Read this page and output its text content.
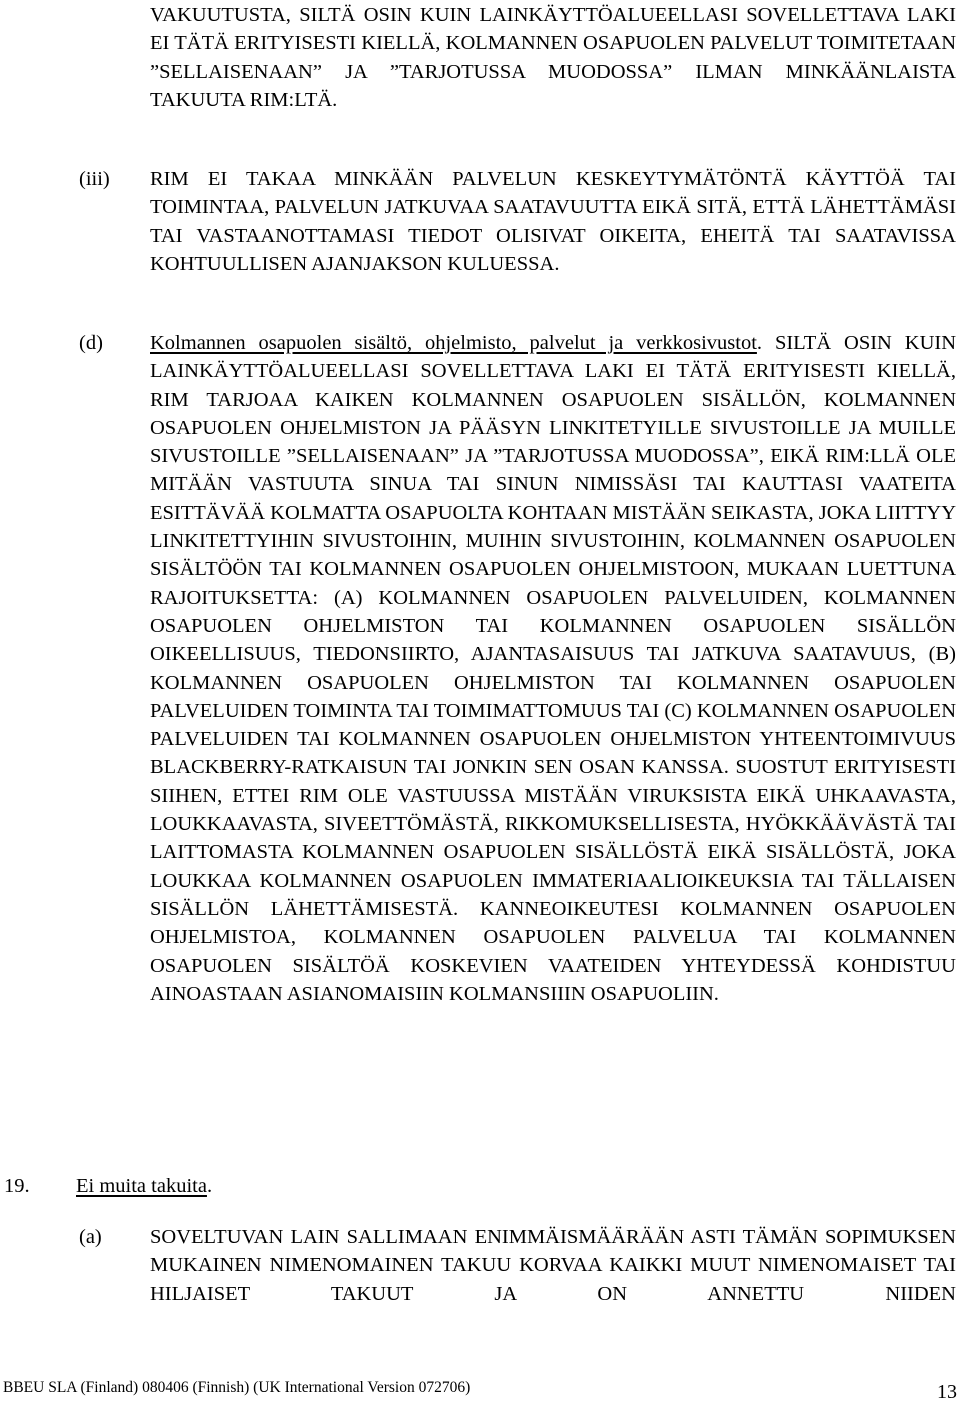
VAKUUTUSTA, SILTÄ OSIN KUIN LAINKÄYTTÖALUEELLASI SOVELLETTAVA LAKI EI TÄTÄ ERITYISESTI KIELLÄ, KOLMANNEN OSAPUOLEN PALVELUT TOIMITETAAN ”SELLAISENAAN” JA ”TARJOTUSSA MUODOSSA” ILMAN MINKÄÄNLAISTA TAKUUTA RIM:LTÄ.

(iii) RIM EI TAKAA MINKÄÄN PALVELUN KESKEYTYMÄTÖNTÄ KÄYTTÖÄ TAI TOIMINTAA, PALVELUN JATKUVAA SAATAVUUTTA EIKÄ SITÄ, ETTÄ LÄHETTÄMÄSI TAI VASTAANOTTAMASI TIEDOT OLISIVAT OIKEITA, EHEITÄ TAI SAATAVISSA KOHTUULLISEN AJANJAKSON KULUESSA.

(d) Kolmannen osapuolen sisältö, ohjelmisto, palvelut ja verkkosivustot. SILTÄ OSIN KUIN LAINKÄYTTÖALUEELLASI SOVELLETTAVA LAKI EI TÄTÄ ERITYISESTI KIELLÄ, RIM TARJOAA KAIKEN KOLMANNEN OSAPUOLEN SISÄLLÖN, KOLMANNEN OSAPUOLEN OHJELMISTON JA PÄÄSYN LINKITETYILLE SIVUSTOILLE JA MUILLE SIVUSTOILLE ”SELLAISENAAN” JA ”TARJOTUSSA MUODOSSA”, EIKÄ RIM:LLÄ OLE MITÄÄN VASTUUTA SINUA TAI SINUN NIMISSÄSI TAI KAUTTASI VAATEITA ESITTÄVÄÄ KOLMATTA OSAPUOLTA KOHTAAN MISTÄÄN SEIKASTA, JOKA LIITTYY LINKITETTYIHIN SIVUSTOIHIN, MUIHIN SIVUSTOIHIN, KOLMANNEN OSAPUOLEN SISÄLTÖÖN TAI KOLMANNEN OSAPUOLEN OHJELMISTOON, MUKAAN LUETTUNA RAJOITUKSETTA: (A) KOLMANNEN OSAPUOLEN PALVELUIDEN, KOLMANNEN OSAPUOLEN OHJELMISTON TAI KOLMANNEN OSAPUOLEN SISÄLLÖN OIKEELLISUUS, TIEDONSIIRTO, AJANTASAISUUS TAI JATKUVA SAATAVUUS, (B) KOLMANNEN OSAPUOLEN OHJELMISTON TAI KOLMANNEN OSAPUOLEN PALVELUIDEN TOIMINTA TAI TOIMIMATTOMUUS TAI (C) KOLMANNEN OSAPUOLEN PALVELUIDEN TAI KOLMANNEN OSAPUOLEN OHJELMISTON YHTEENTOIMIVUUS BLACKBERRY-RATKAISUN TAI JONKIN SEN OSAN KANSSA. SUOSTUT ERITYISESTI SIIHEN, ETTEI RIM OLE VASTUUSSA MISTÄÄN VIRUKSISTA EIKÄ UHKAAVASTA, LOUKKAAVASTA, SIVEETTÖMÄSTÄ, RIKKOMUKSELLISESTA, HYÖKKÄÄVÄSTÄ TAI LAITTOMASTA KOLMANNEN OSAPUOLEN SISÄLLÖSTÄ EIKÄ SISÄLLÖSTÄ, JOKA LOUKKAA KOLMANNEN OSAPUOLEN IMMATERIAALIOIKEUKSIA TAI TÄLLAISEN SISÄLLÖN LÄHETTÄMISESTÄ. KANNEOIKEUTESI KOLMANNEN OSAPUOLEN OHJELMISTOA, KOLMANNEN OSAPUOLEN PALVELUA TAI KOLMANNEN OSAPUOLEN SISÄLTÖÄ KOSKEVIEN VAATEIDEN YHTEYDESSÄ KOHDISTUU AINOASTAAN ASIANOMAISIIN KOLMANSIIIN OSAPUOLIIN.

19. Ei muita takuita.
(a) SOVELTUVAN LAIN SALLIMAAN ENIMMÄISMÄÄRÄÄN ASTI TÄMÄN SOPIMUKSEN MUKAINEN NIMENOMAINEN TAKUU KORVAA KAIKKI MUUT NIMENOMAISET TAI HILJAISET TAKUUT JA ON ANNETTU NIIDEN

BBEU SLA (Finland) 080406 (Finnish) (UK International Version 072706)	13
